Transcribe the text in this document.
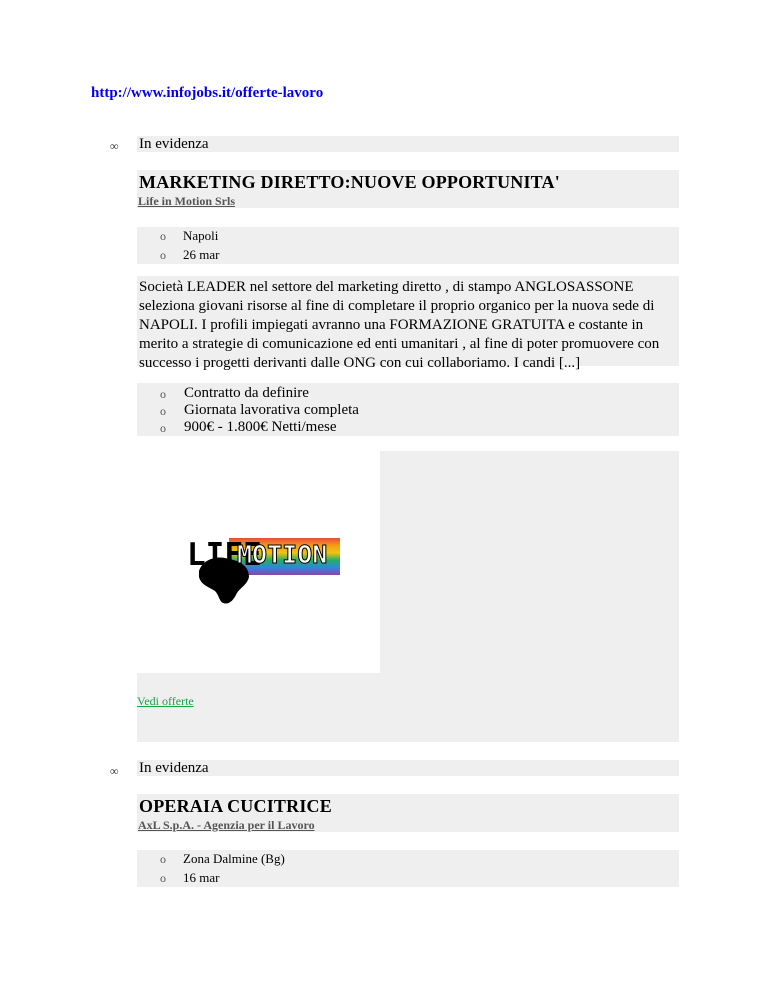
http://www.infojobs.it/offerte-lavoro
∞ In evidenza
MARKETING DIRETTO:NUOVE OPPORTUNITA'
Life in Motion Srls
o Napoli
o 26 mar
Società LEADER nel settore del marketing diretto , di stampo ANGLOSASSONE
seleziona giovani risorse al fine di completare il proprio organico per la nuova sede di
NAPOLI. I profili impiegati avranno una FORMAZIONE GRATUITA e costante in
merito a strategie di comunicazione ed enti umanitari , al fine di poter promuovere con
successo i progetti derivanti dalle ONG con cui collaboriamo. I candi [...]
o Contratto da definire
o Giornata lavorativa completa
o 900€ - 1.800€ Netti/mese
LIFE
MOTION
Vedi offerte
∞ In evidenza
OPERAIA CUCITRICE
AxL S.p.A. - Agenzia per il Lavoro
o Zona Dalmine (Bg)
o 16 mar
